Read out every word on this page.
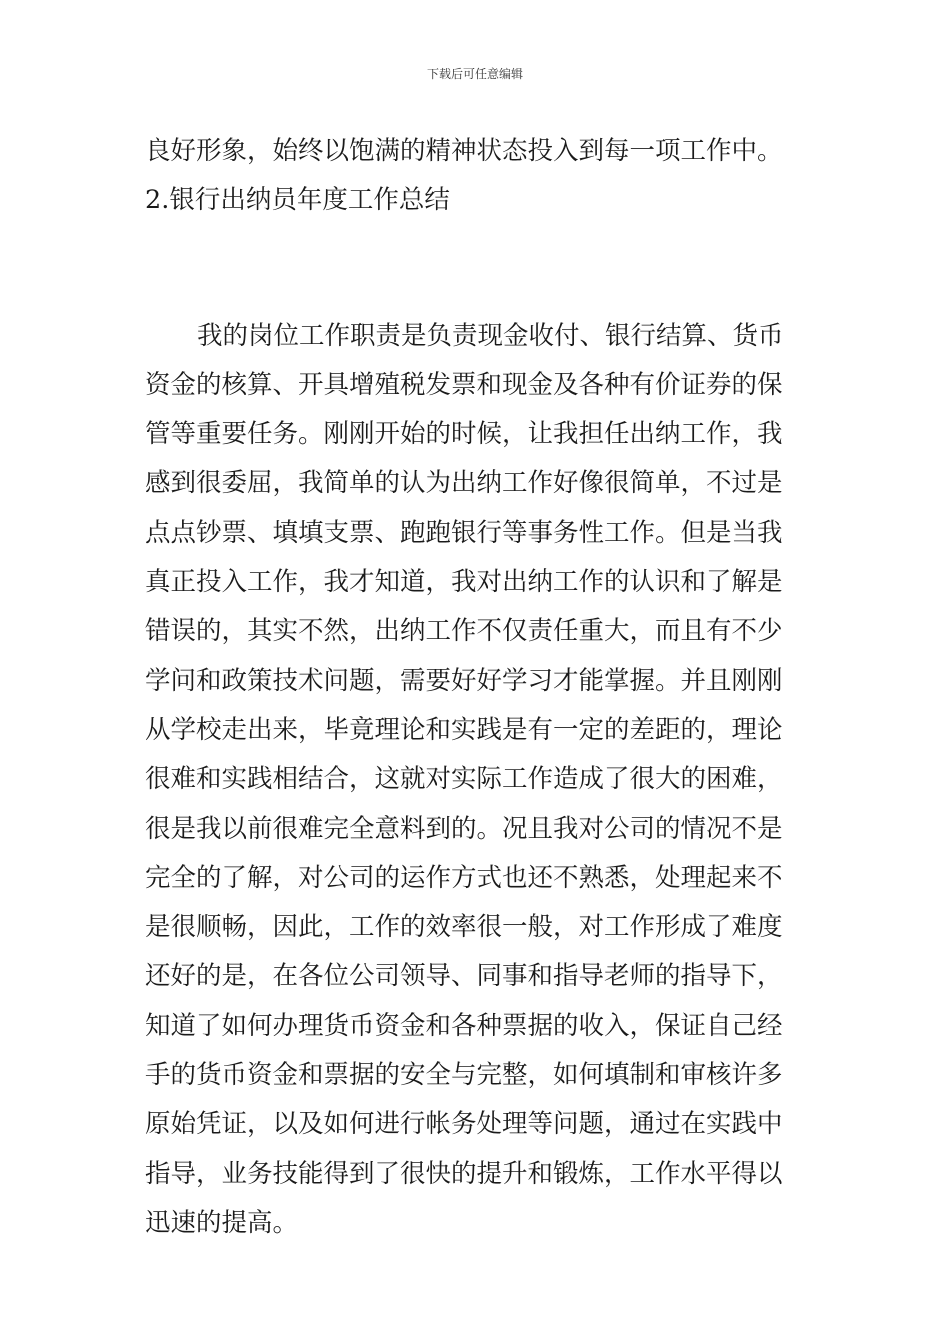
下载后可任意编辑
良好形象，始终以饱满的精神状态投入到每一项工作中。
2.银行出纳员年度工作总结
我的岗位工作职责是负责现金收付、银行结算、货币
资金的核算、开具增殖税发票和现金及各种有价证券的保
管等重要任务。刚刚开始的时候，让我担任出纳工作，我
感到很委屈，我简单的认为出纳工作好像很简单，不过是
点点钞票、填填支票、跑跑银行等事务性工作。但是当我
真正投入工作，我才知道，我对出纳工作的认识和了解是
错误的，其实不然，出纳工作不仅责任重大，而且有不少
学问和政策技术问题，需要好好学习才能掌握。并且刚刚
从学校走出来，毕竟理论和实践是有一定的差距的，理论
很难和实践相结合，这就对实际工作造成了很大的困难，
很是我以前很难完全意料到的。况且我对公司的情况不是
完全的了解，对公司的运作方式也还不熟悉，处理起来不
是很顺畅，因此，工作的效率很一般，对工作形成了难度
还好的是，在各位公司领导、同事和指导老师的指导下，
知道了如何办理货币资金和各种票据的收入，保证自己经
手的货币资金和票据的安全与完整，如何填制和审核许多
原始凭证，以及如何进行帐务处理等问题，通过在实践中
指导，业务技能得到了很快的提升和锻炼，工作水平得以
迅速的提高。
